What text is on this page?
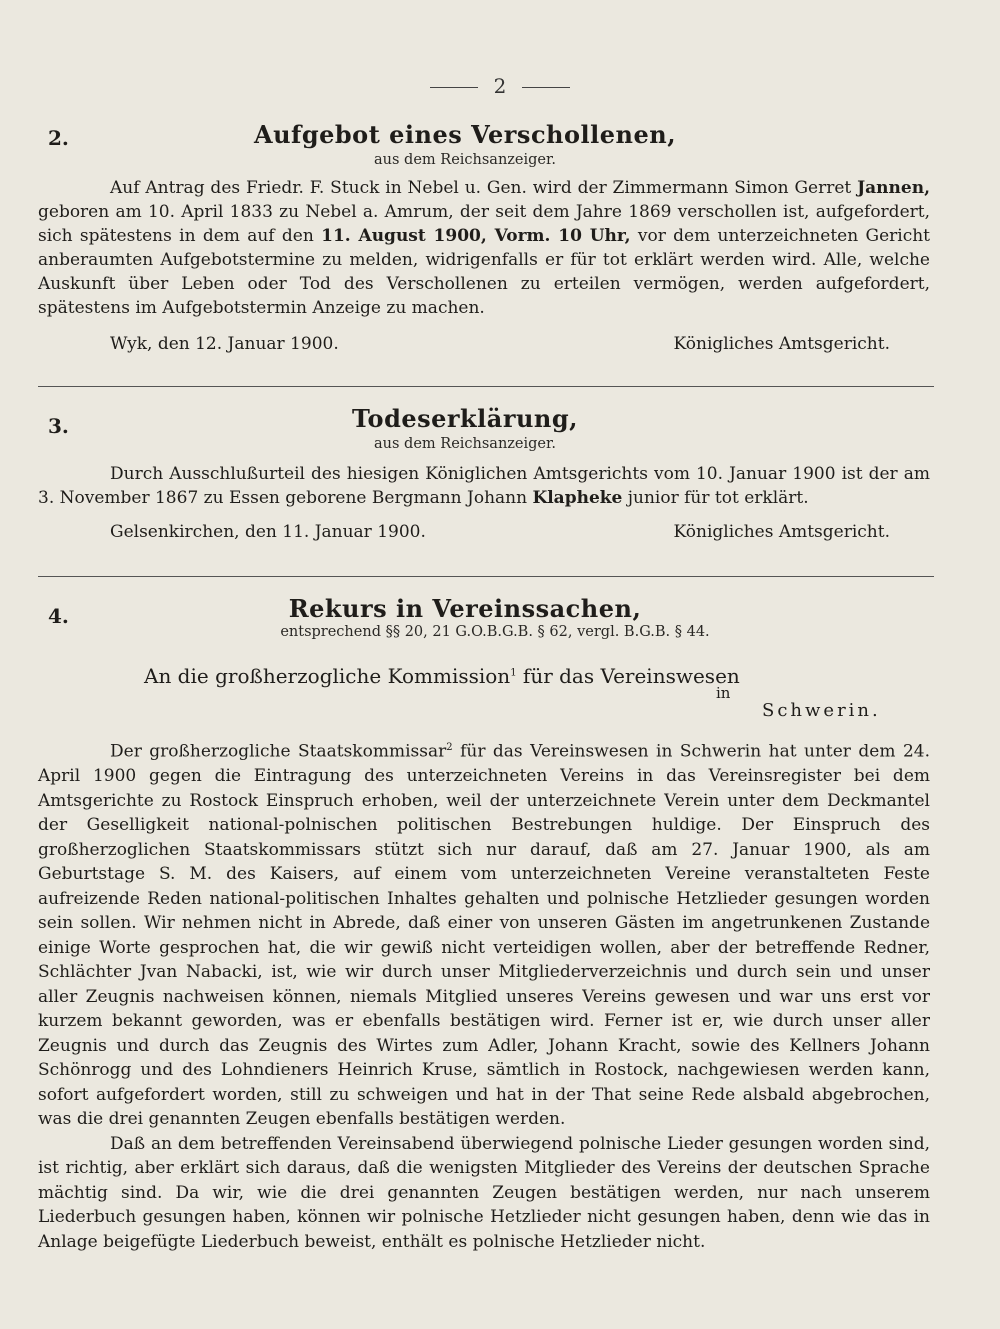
2
2.	Aufgebot eines Verschollenen,
aus dem Reichsanzeiger.

Auf Antrag des Friedr. F. Stuck in Nebel u. Gen. wird der Zimmermann Simon Gerret Jannen, geboren am 10. April 1833 zu Nebel a. Amrum, der seit dem Jahre 1869 verschollen ist, aufgefordert, sich spätestens in dem auf den 11. August 1900, Vorm. 10 Uhr, vor dem unterzeichneten Gericht anberaumten Aufgebotstermine zu melden, widrigenfalls er für tot erklärt werden wird. Alle, welche Auskunft über Leben oder Tod des Verschollenen zu erteilen vermögen, werden aufgefordert, spätestens im Aufgebotstermin Anzeige zu machen.

Wyk, den 12. Januar 1900.	Königliches Amtsgericht.
3.	Todeserklärung,
aus dem Reichsanzeiger.

Durch Ausschlußurteil des hiesigen Königlichen Amtsgerichts vom 10. Januar 1900 ist der am 3. November 1867 zu Essen geborene Bergmann Johann Klapheke junior für tot erklärt.

Gelsenkirchen, den 11. Januar 1900.	Königliches Amtsgericht.
4.	Rekurs in Vereinssachen,
entsprechend §§ 20, 21 G.O.B.G.B. § 62, vergl. B.G.B. § 44.
An die großherzogliche Kommission$^1$ für das Vereinswesen
in
Schwerin.

Der großherzogliche Staatskommissar$^2$ für das Vereinswesen in Schwerin hat unter dem 24. April 1900 gegen die Eintragung des unterzeichneten Vereins in das Vereinsregister bei dem Amtsgerichte zu Rostock Einspruch erhoben, weil der unterzeichnete Verein unter dem Deckmantel der Geselligkeit national-polnischen politischen Bestrebungen huldige. Der Einspruch des großherzoglichen Staatskommissars stützt sich nur darauf, daß am 27. Januar 1900, als am Geburtstage S. M. des Kaisers, auf einem vom unterzeichneten Vereine veranstalteten Feste aufreizende Reden national-politischen Inhaltes gehalten und polnische Hetzlieder gesungen worden sein sollen. Wir nehmen nicht in Abrede, daß einer von unseren Gästen im angetrunkenen Zustande einige Worte gesprochen hat, die wir gewiß nicht verteidigen wollen, aber der betreffende Redner, Schlächter Jvan Nabacki, ist, wie wir durch unser Mitgliederverzeichnis und durch sein und unser aller Zeugnis nachweisen können, niemals Mitglied unseres Vereins gewesen und war uns erst vor kurzem bekannt geworden, was er ebenfalls bestätigen wird. Ferner ist er, wie durch unser aller Zeugnis und durch das Zeugnis des Wirtes zum Adler, Johann Kracht, sowie des Kellners Johann Schönrogg und des Lohndieners Heinrich Kruse, sämtlich in Rostock, nachgewiesen werden kann, sofort aufgefordert worden, still zu schweigen und hat in der That seine Rede alsbald abgebrochen, was die drei genannten Zeugen ebenfalls bestätigen werden.

Daß an dem betreffenden Vereinsabend überwiegend polnische Lieder gesungen worden sind, ist richtig, aber erklärt sich daraus, daß die wenigsten Mitglieder des Vereins der deutschen Sprache mächtig sind. Da wir, wie die drei genannten Zeugen bestätigen werden, nur nach unserem Liederbuch gesungen haben, können wir polnische Hetzlieder nicht gesungen haben, denn wie das in Anlage beigefügte Liederbuch beweist, enthält es polnische Hetzlieder nicht.
